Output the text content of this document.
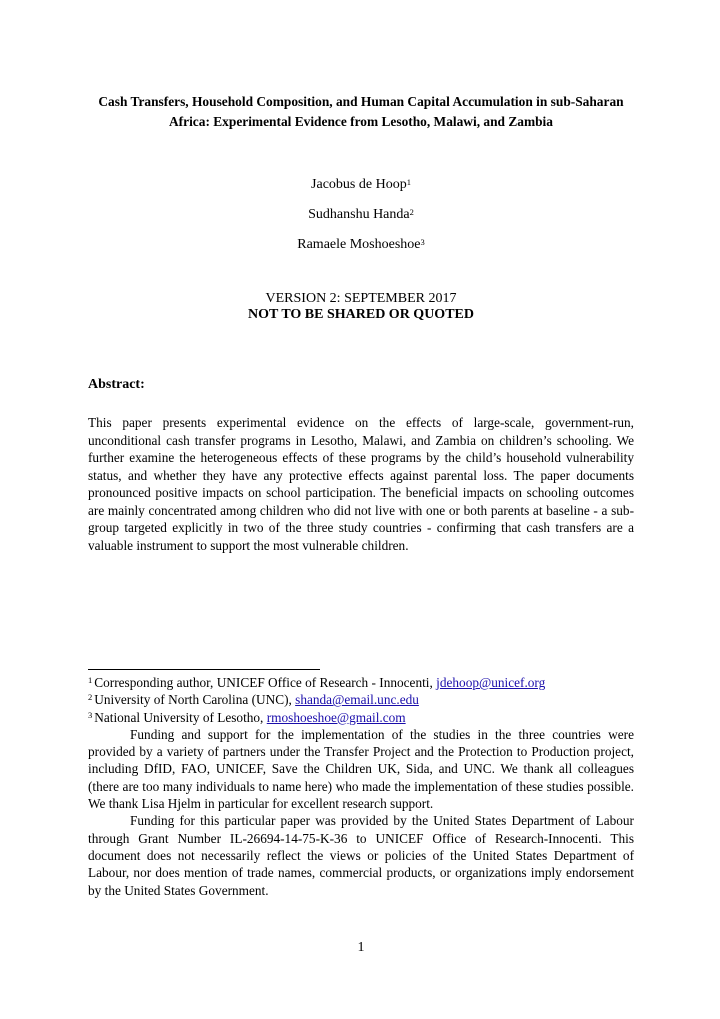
Cash Transfers, Household Composition, and Human Capital Accumulation in sub-Saharan Africa: Experimental Evidence from Lesotho, Malawi, and Zambia
Jacobus de Hoop$^1$
Sudhanshu Handa$^2$
Ramaele Moshoeshoe$^3$
VERSION 2: SEPTEMBER 2017
NOT TO BE SHARED OR QUOTED
Abstract:
This paper presents experimental evidence on the effects of large-scale, government-run, unconditional cash transfer programs in Lesotho, Malawi, and Zambia on children’s schooling. We further examine the heterogeneous effects of these programs by the child’s household vulnerability status, and whether they have any protective effects against parental loss. The paper documents pronounced positive impacts on school participation. The beneficial impacts on schooling outcomes are mainly concentrated among children who did not live with one or both parents at baseline - a sub-group targeted explicitly in two of the three study countries - confirming that cash transfers are a valuable instrument to support the most vulnerable children.
$^1$ Corresponding author, UNICEF Office of Research - Innocenti, jdehoop@unicef.org
$^2$ University of North Carolina (UNC), shanda@email.unc.edu
$^3$ National University of Lesotho, rmoshoeshoe@gmail.com
Funding and support for the implementation of the studies in the three countries were provided by a variety of partners under the Transfer Project and the Protection to Production project, including DfID, FAO, UNICEF, Save the Children UK, Sida, and UNC. We thank all colleagues (there are too many individuals to name here) who made the implementation of these studies possible. We thank Lisa Hjelm in particular for excellent research support.
Funding for this particular paper was provided by the United States Department of Labour through Grant Number IL-26694-14-75-K-36 to UNICEF Office of Research-Innocenti. This document does not necessarily reflect the views or policies of the United States Department of Labour, nor does mention of trade names, commercial products, or organizations imply endorsement by the United States Government.
1
